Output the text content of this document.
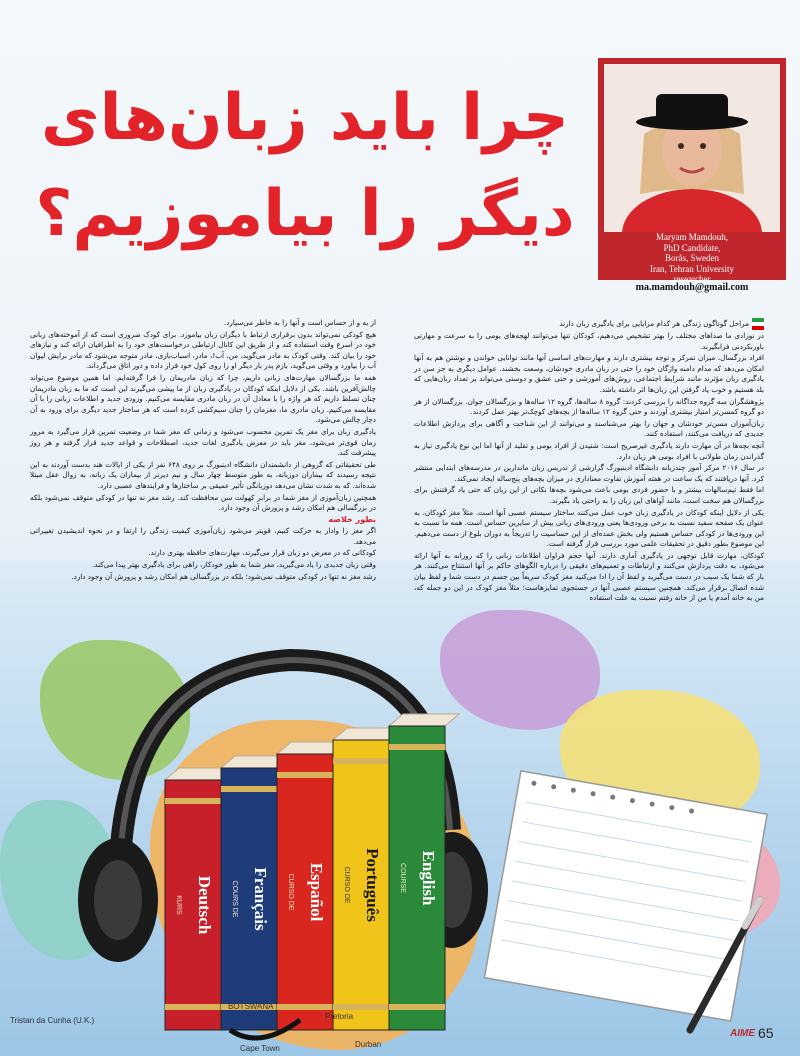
چرا باید زبان‌های
دیگر را بیاموزیم؟	Maryam Mamdouh,
PhD Candidate,
Borås, Sweden
Iran, Tehran University
researcher
ma.mamdouh@gmail.com

مراحل گوناگون زندگی هر کدام مزایایی برای یادگیری زبان دارند

در نوزادی ما صداهای مختلف را بهتر تشخیص می‌دهیم، کودکان تنها می‌توانند لهجه‌های بومی را به سرعت و مهارتی باورنکردنی فرابگیرند.

افراد بزرگسال، میزان تمرکز و توجه بیشتری دارند و مهارت‌های اساسی آنها مانند توانایی خواندن و نوشتن هم به آنها امکان می‌دهد که مدام دامنه واژگان خود را حتی در زبان مادری خودشان، وسعت بخشند. عوامل دیگری به جز سن در یادگیری زبان مؤثرند مانند شرایط اجتماعی، روش‌های آموزشی و حتی عشق و دوستی می‌تواند بر تعداد زبان‌هایی که بلد هستیم و خوب یاد گرفتن این زبان‌ها اثر داشته باشد.

پژوهشگران سه گروه جداگانه را بررسی کردند: گروه ۸ ساله‌ها، گروه ۱۲ ساله‌ها و بزرگسالان جوان. بزرگسالان از هر دو گروه کمسن‌تر امتیاز بیشتری آوردند و حتی گروه ۱۲ ساله‌ها از بچه‌های کوچک‌تر بهتر عمل کردند.

زبان‌آموزان مسن‌تر خودشان و جهان را بهتر می‌شناسند و می‌توانند از این شناخت و آگاهی برای پردازش اطلاعات جدیدی که دریافت می‌کنند، استفاده کنند.

آنچه بچه‌ها در آن مهارت دارند یادگیری غیرصریح است: شنیدن از افراد بومی و تقلید از آنها اما این نوع یادگیری نیاز به گذراندن زمان طولانی با افراد بومی هر زبان دارد.

در سال ۲۰۱۶ مرکز آمور چندزبانه دانشگاه ادینبورگ گزارشی از تدریس زبان ماندارین در مدرسه‌های ابتدایی منتشر کرد. آنها دریافتند که یک ساعت در هفته آموزش تفاوت معناداری در میزان بچه‌های پنج‌ساله ایجاد نمی‌کند.

اما فقط تیم‌سالهات بیشتر و با حضور فردی بومی باعث می‌شود بچه‌ها نکاتی از این زبان که حتی یاد گرفتنش برای بزرگسالان هم سخت است، مانند آواهای این زبان را به راحتی یاد بگیرند.

یکی از دلایل اینکه کودکان در یادگیری زبان خوب عمل می‌کنند ساختار سیستم عصبی آنها است. مثلاً مغز کودکان، به عنوان یک صفحه سفید نسبت به برخی ورودی‌ها یعنی ورودی‌های زبانی بیش از سایرین حساس است. همه ما نسبت به این ورودی‌ها در کودکی حساس هستیم ولی بخش عمده‌ای از این حساسیت را تدریجاً به دوران بلوغ از دست می‌دهیم. این موضوع بطور دقیق در تحقیقات علمی مورد بررسی قرار گرفته است.

کودکان، مهارت قابل توجهی در یادگیری آماری دارند. آنها حجم فراوان اطلاعات زبانی را که روزانه به آنها ارائه می‌شود، به دقت پردازش می‌کنند و ارتباطات و تعمیم‌های دقیقی را درباره الگوهای حاکم بر آنها استنتاج می‌کنند. هر بار که شما یک سبب در دست می‌گیرید و لفظ آن را ادا می‌کنید مغز کودک سریعاً بین جسم در دست شما و لفظ بیان شده اتصال برقرار می‌کند. همچنین سیستم عصبی آنها در جستجوی تمایزهاست؛ مثلاً مغز کودک در این دو جمله که، من به خانه آمدم یا من از خانه رفتم نسبت به علت استفاده

از به و از حساس است و آنها را به خاطر می‌سپارد.

هیچ کودکی نمی‌تواند بدون برقراری ارتباط با دیگران زبان بیاموزد. برای کودک ضروری است که از آموخته‌های زبانی خود در اسرع وقت استفاده کند و از طریق این کانال ارتباطی درخواست‌های خود را به اطرافیان ارائه کند و نیازهای خود را بیان کند. وقتی کودک به مادر می‌گوید، من، آب!، مادر، اسباب‌بازی، مادر متوجه می‌شود که مادر برایش لیوان آب را بیاورد و وقتی می‌گوید، بازم پدر بار دیگر او را روی کول خود قرار داده و دور اتاق می‌گرداند.

همه ما بزرگسالان مهارت‌های زبانی داریم، چرا که زبان مادریمان را فرا گرفته‌ایم. اما همین موضوع می‌تواند چالش‌آفرین باشد. یکی از دلایل اینکه کودکان در یادگیری زبان از ما پیشی می‌گیرند این است که ما به زبان مادریمان چنان تسلط داریم که هر واژه را با معادل آن در زبان مادری مقایسه می‌کنیم. ورودی جدید و اطلاعات زبانی را با آن مقایسه می‌کنیم. زبان مادری ما، مغزمان را چنان سیم‌کشی کرده است که هر ساختار جدید دیگری برای ورود به آن دچار چالش می‌شود.

یادگیری زبان برای مغز یک تمرین محسوب می‌شود و زمانی که مغز شما در وضعیت تمرین قرار می‌گیرد به مرور زمان قوی‌تر می‌شود، مغز باید در معرض یادگیری لغات جدید، اصطلاحات و قواعد جدید قرار گرفته و هر روز پیشرفت کند.

طی تحقیقاتی که گروهی از دانشمندان دانشگاه ادینبورگ بر روی ۶۴۸ نفر از یکی از ایالات هند بدست آوردند به این نتیجه رسیدند که بیماران دوزبانه، به طور متوسط چهار سال و نیم دیرتر از بیماران یک زبانه، به زوال عقل مبتلا شده‌اند. که به شدت نشان می‌دهد دوزبانگی تأثیر عمیقی بر ساختارها و فرایندهای عصبی دارد.

همچنین زبان‌آموزی از مغز شما در برابر کهولت سن محافظت کند. رشد مغز نه تنها در کودکی متوقف نمی‌شود بلکه در بزرگسالی هم امکان رشد و پرورش آن وجود دارد.

بطور خلاصه

اگر مغز را وادار به حرکت کنیم، قویتر می‌شود زبان‌آموزی کیفیت زندگی را ارتقا و در نحوه اندیشیدن تغییراتی می‌دهد.

کودکانی که در معرض دو زبان قرار می‌گیرند، مهارت‌های حافظه بهتری دارند.

وقتی زبان جدیدی را یاد می‌گیرید، مغز شما به طور خودکار، راهی برای یادگیری بهتر پیدا می‌کند.

رشد مغز نه تنها در کودکی متوقف نمی‌شود؛ بلکه در بزرگسالی هم امکان رشد و پرورش آن وجود دارد.

Deutsch
KURS	Français
COURS DE	Español
CURSO DE	Português
CURSO DE	English
COURSE
BOTSWANA
Pretoria
Durban
Cape Town
Tristan da Cunha (U.K.)
AIME 65
